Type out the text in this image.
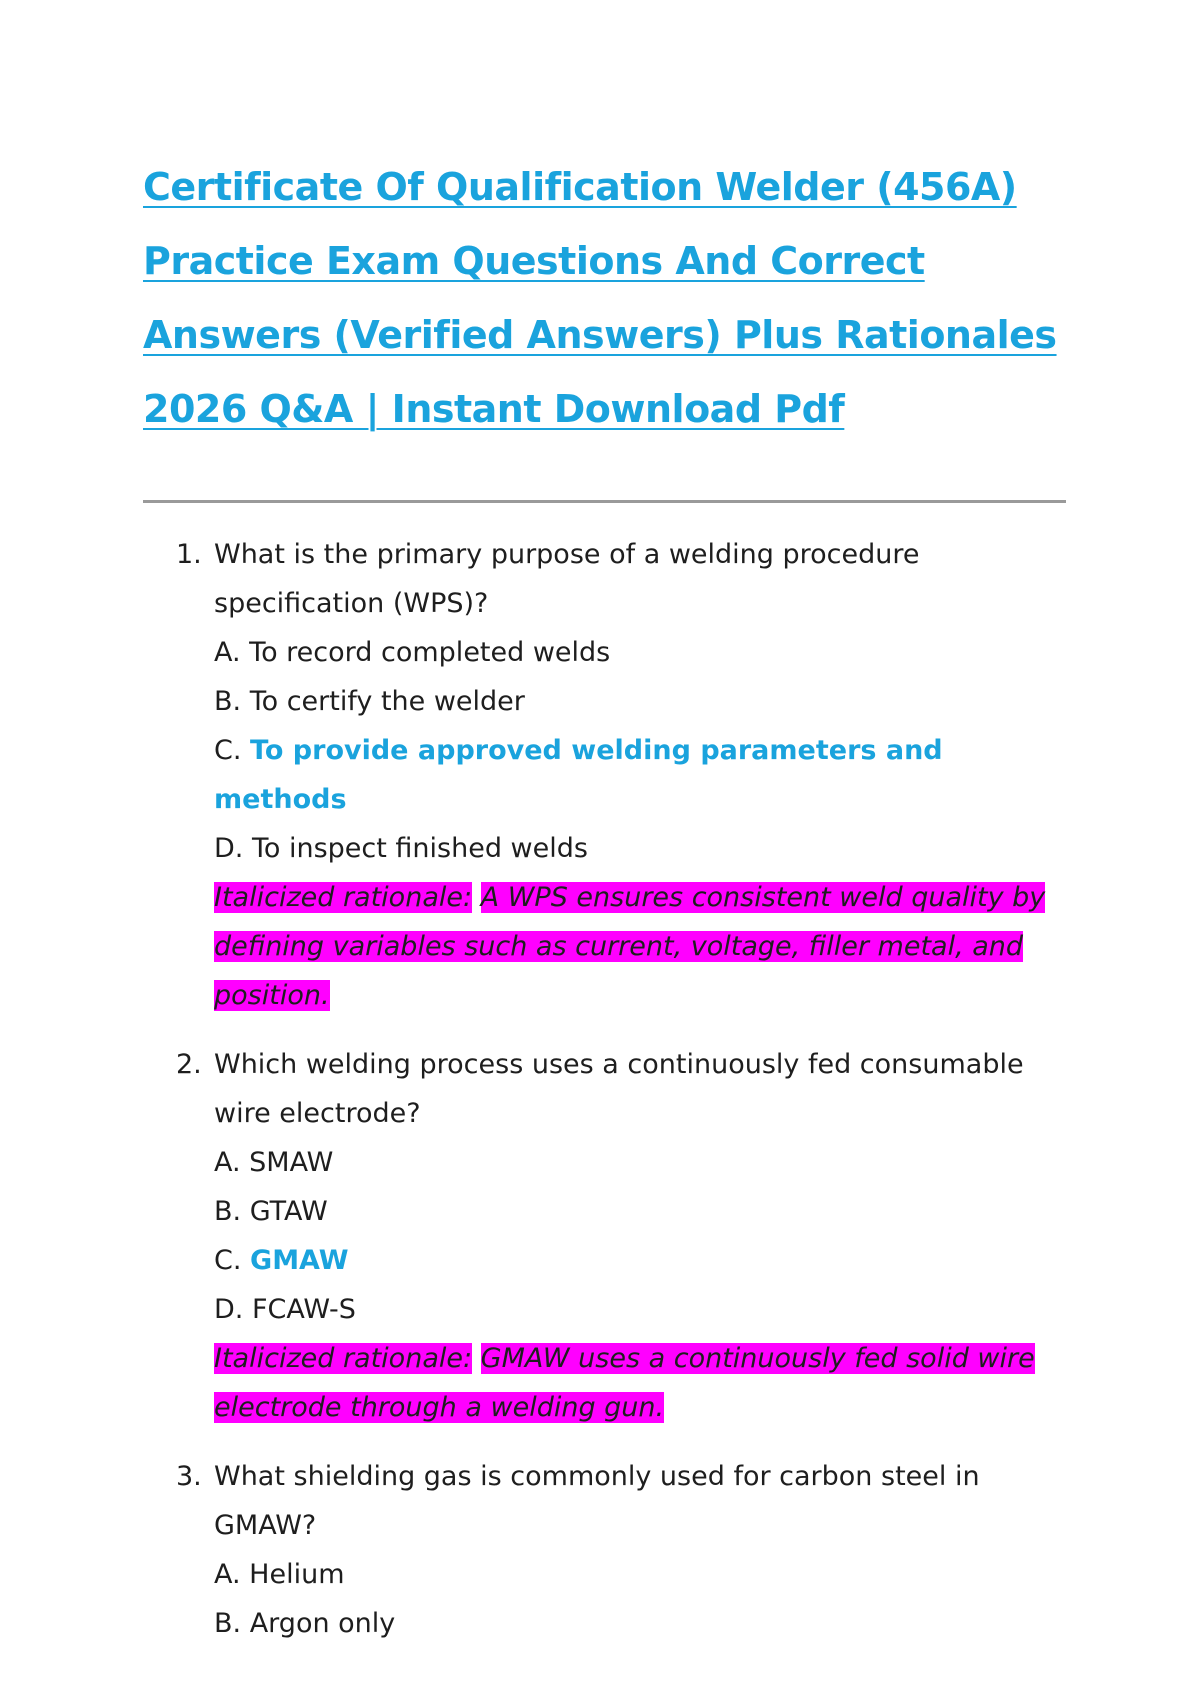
Certificate Of Qualification Welder (456A) Practice Exam Questions And Correct Answers (Verified Answers) Plus Rationales 2026 Q&A | Instant Download Pdf
1. What is the primary purpose of a welding procedure specification (WPS)?
A. To record completed welds
B. To certify the welder
C. To provide approved welding parameters and methods
D. To inspect finished welds
Italicized rationale: A WPS ensures consistent weld quality by defining variables such as current, voltage, filler metal, and position.
2. Which welding process uses a continuously fed consumable wire electrode?
A. SMAW
B. GTAW
C. GMAW
D. FCAW-S
Italicized rationale: GMAW uses a continuously fed solid wire electrode through a welding gun.
3. What shielding gas is commonly used for carbon steel in GMAW?
A. Helium
B. Argon only
